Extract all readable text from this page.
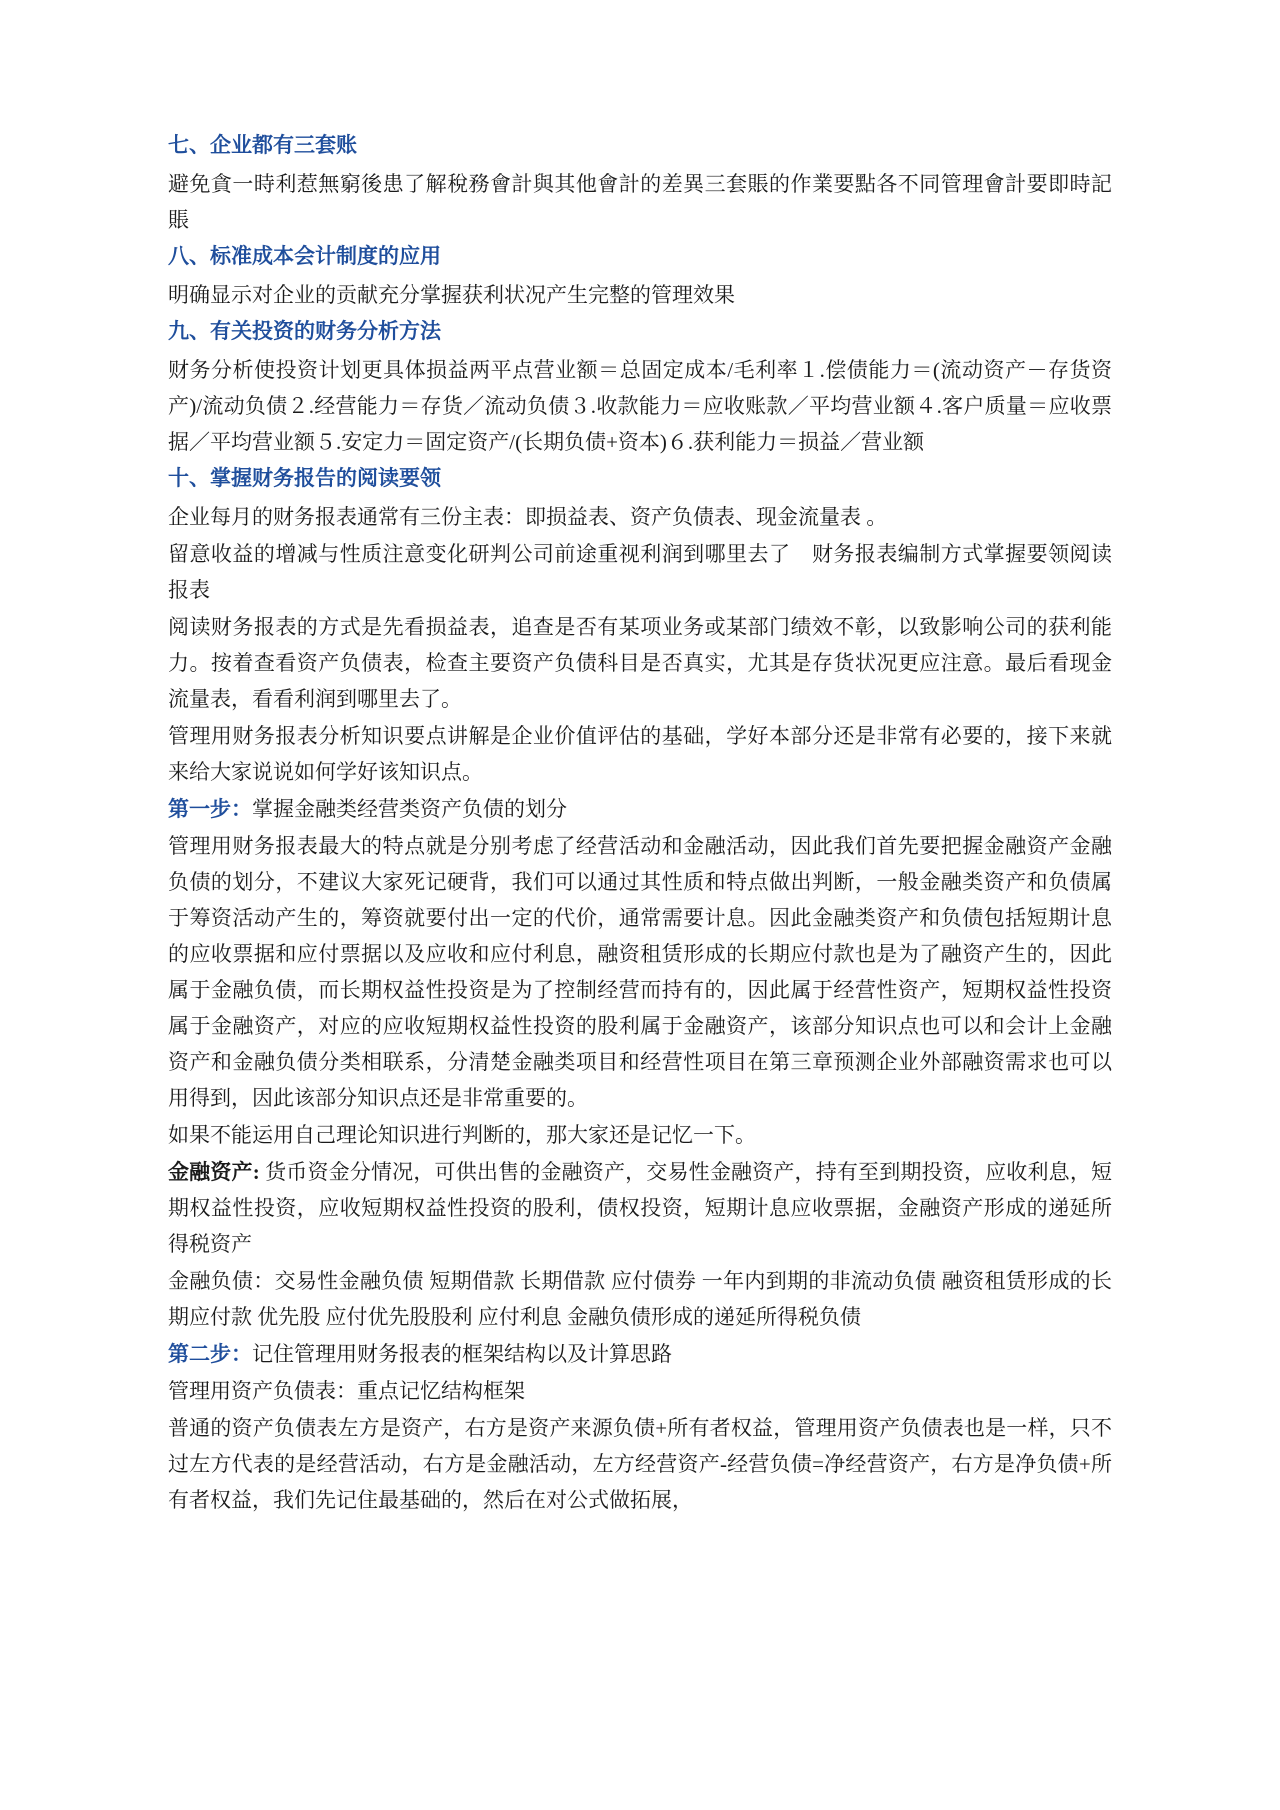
七、企业都有三套账

避免貪一時利惹無窮後患了解稅務會計與其他會計的差異三套賬的作業要點各不同管理會計要即時記賬

八、标准成本会计制度的应用

明确显示对企业的贡献充分掌握获利状况产生完整的管理效果

九、有关投资的财务分析方法

财务分析使投资计划更具体损益两平点营业额＝总固定成本/毛利率１.偿债能力＝(流动资产－存货资产)/流动负债２.经营能力＝存货／流动负债３.收款能力＝应收账款／平均营业额４.客户质量＝应收票据／平均营业额５.安定力＝固定资产/(长期负债+资本)６.获利能力＝损益／营业额

十、掌握财务报告的阅读要领

企业每月的财务报表通常有三份主表：即损益表、资产负债表、现金流量表 。

留意收益的增减与性质注意变化研判公司前途重视利润到哪里去了　财务报表编制方式掌握要领阅读报表

阅读财务报表的方式是先看损益表，追查是否有某项业务或某部门绩效不彰，以致影响公司的获利能力。按着查看资产负债表，检查主要资产负债科目是否真实，尤其是存货状况更应注意。最后看现金流量表，看看利润到哪里去了。

管理用财务报表分析知识要点讲解是企业价值评估的基础，学好本部分还是非常有必要的，接下来就来给大家说说如何学好该知识点。

第一步：掌握金融类经营类资产负债的划分

管理用财务报表最大的特点就是分别考虑了经营活动和金融活动，因此我们首先要把握金融资产金融负债的划分，不建议大家死记硬背，我们可以通过其性质和特点做出判断，一般金融类资产和负债属于筹资活动产生的，筹资就要付出一定的代价，通常需要计息。因此金融类资产和负债包括短期计息的应收票据和应付票据以及应收和应付利息，融资租赁形成的长期应付款也是为了融资产生的，因此属于金融负债，而长期权益性投资是为了控制经营而持有的，因此属于经营性资产，短期权益性投资属于金融资产，对应的应收短期权益性投资的股利属于金融资产，该部分知识点也可以和会计上金融资产和金融负债分类相联系，分清楚金融类项目和经营性项目在第三章预测企业外部融资需求也可以用得到，因此该部分知识点还是非常重要的。

如果不能运用自己理论知识进行判断的，那大家还是记忆一下。

金融资产: 货币资金分情况，可供出售的金融资产，交易性金融资产，持有至到期投资，应收利息，短期权益性投资，应收短期权益性投资的股利，债权投资，短期计息应收票据，金融资产形成的递延所得税资产

金融负债：交易性金融负债 短期借款 长期借款 应付债券 一年内到期的非流动负债 融资租赁形成的长期应付款 优先股 应付优先股股利 应付利息 金融负债形成的递延所得税负债

第二步：记住管理用财务报表的框架结构以及计算思路

管理用资产负债表：重点记忆结构框架

普通的资产负债表左方是资产，右方是资产来源负债+所有者权益，管理用资产负债表也是一样，只不过左方代表的是经营活动，右方是金融活动，左方经营资产-经营负债=净经营资产，右方是净负债+所有者权益，我们先记住最基础的，然后在对公式做拓展，
